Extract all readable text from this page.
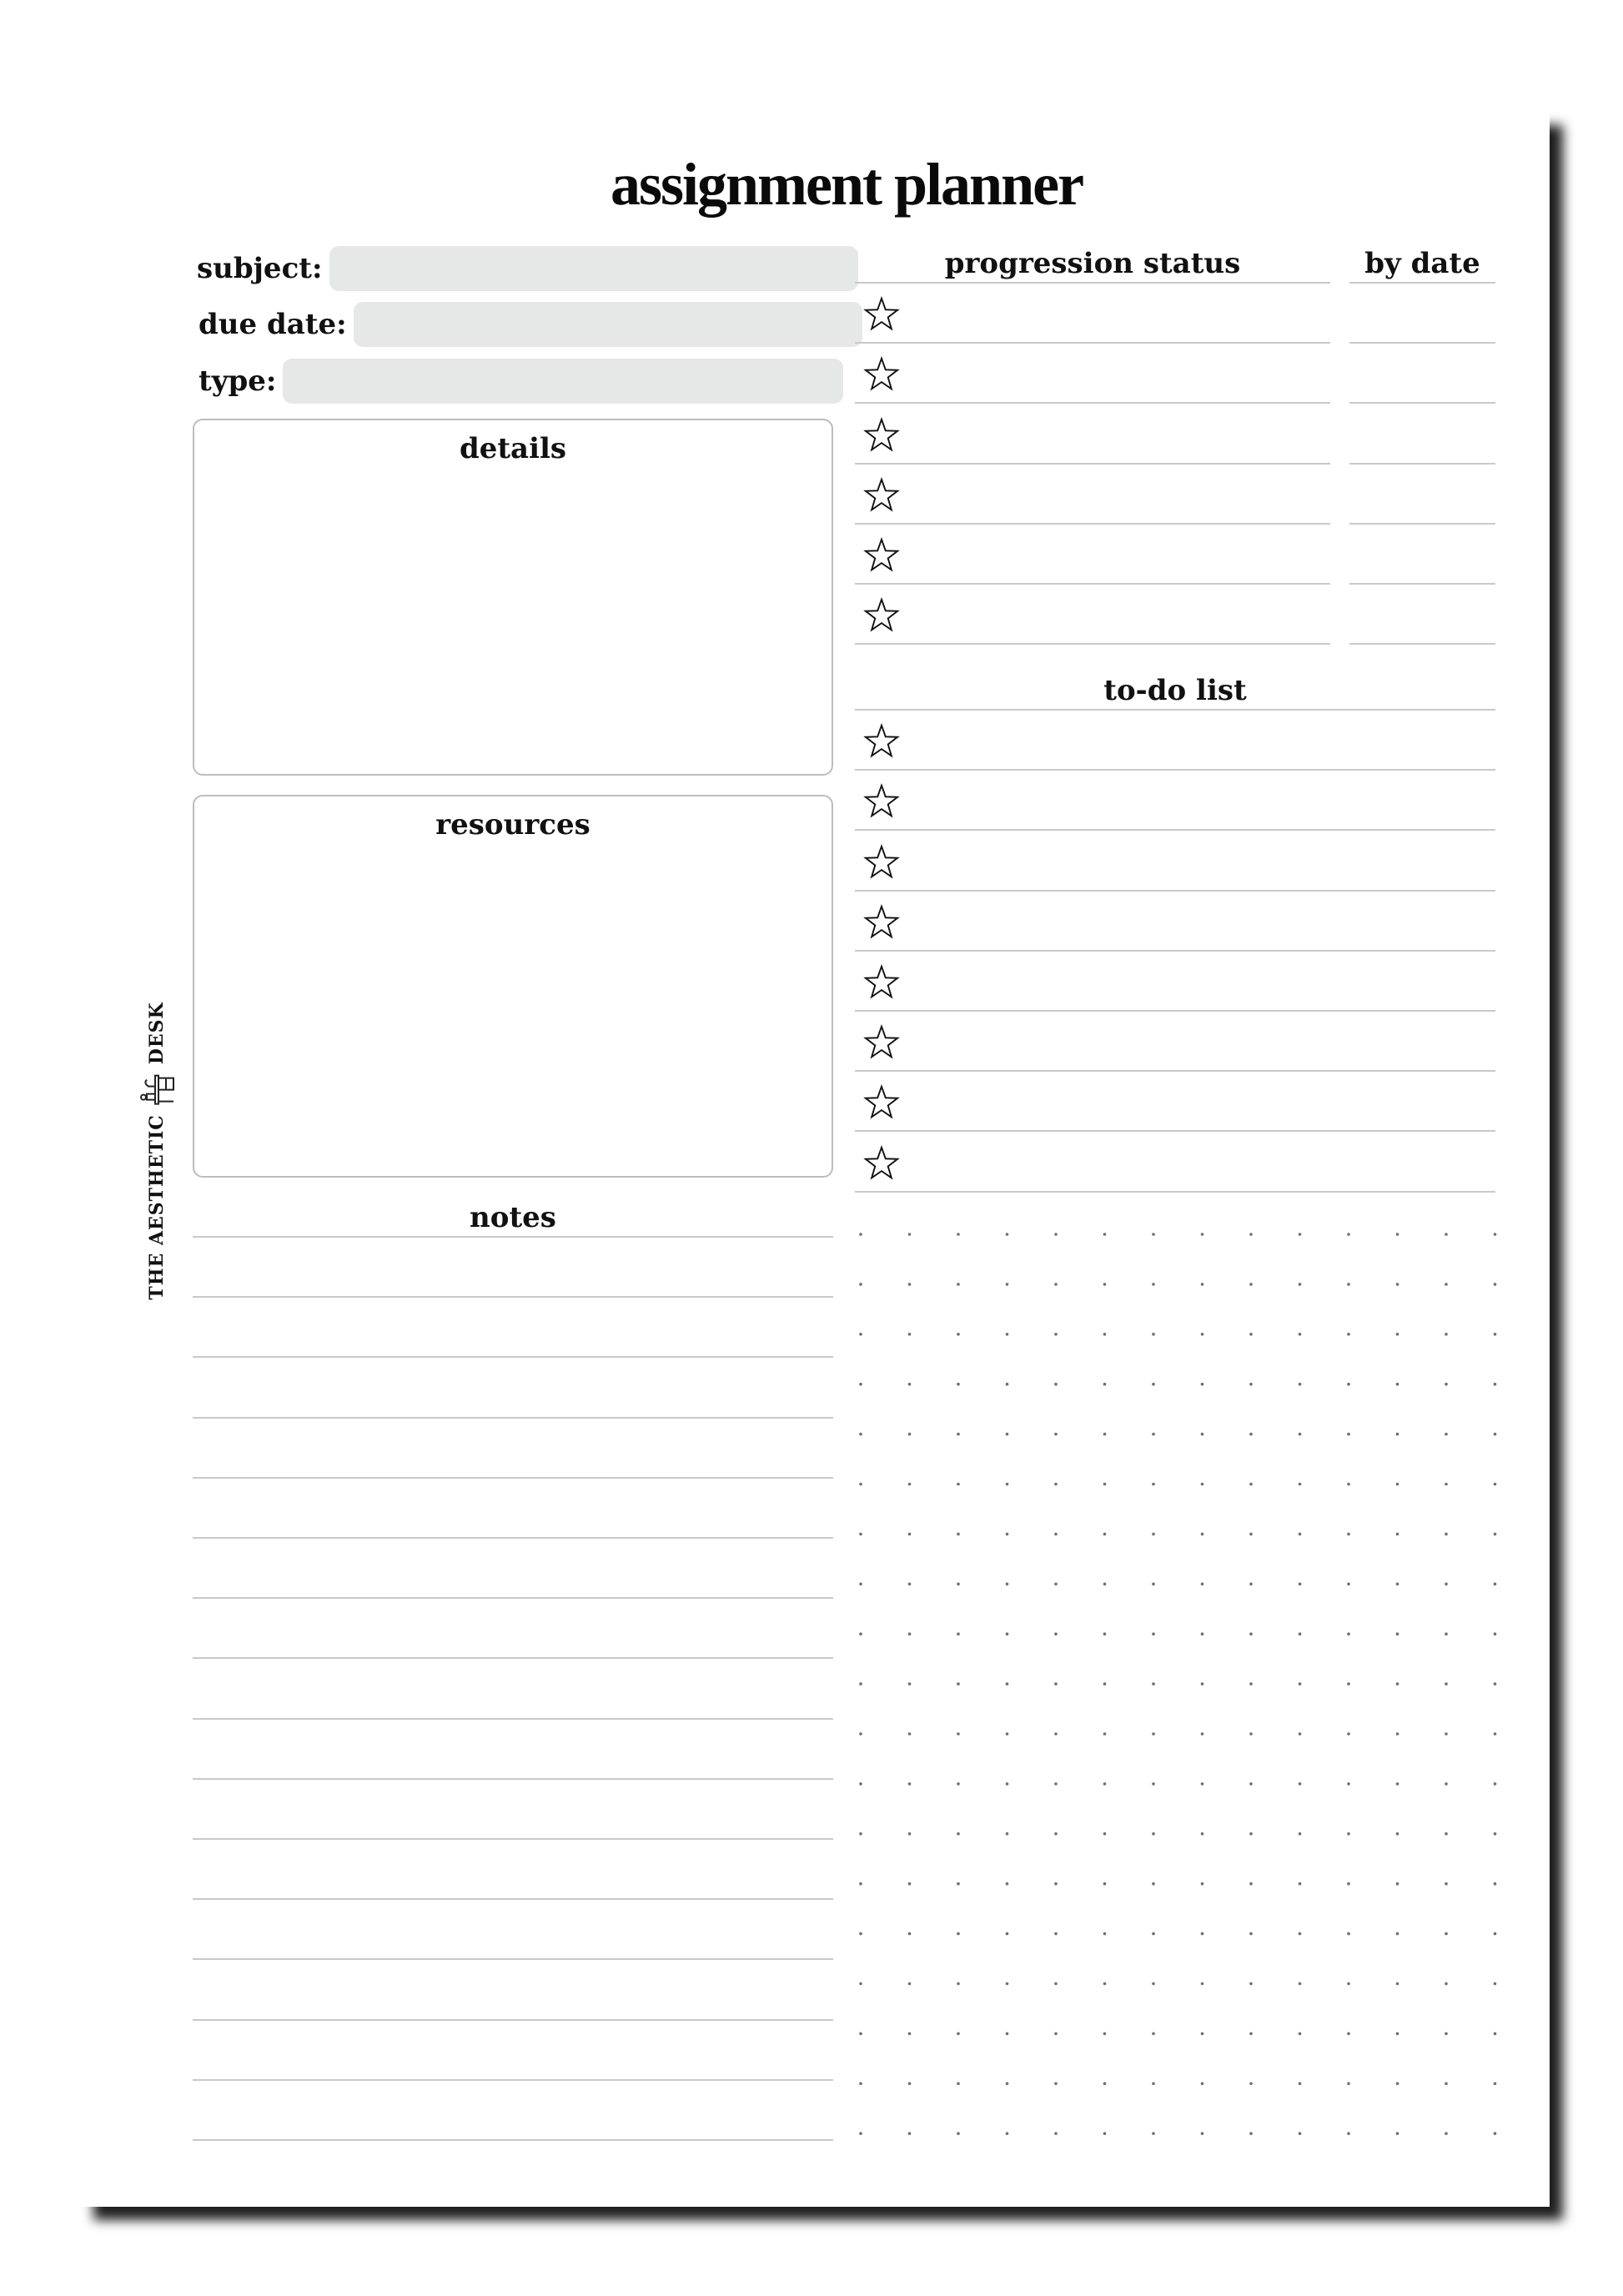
assignment planner
subject:
due date:
type:
details
resources
notes
progression status	by date
to-do list
THE AESTHETIC
DESK
